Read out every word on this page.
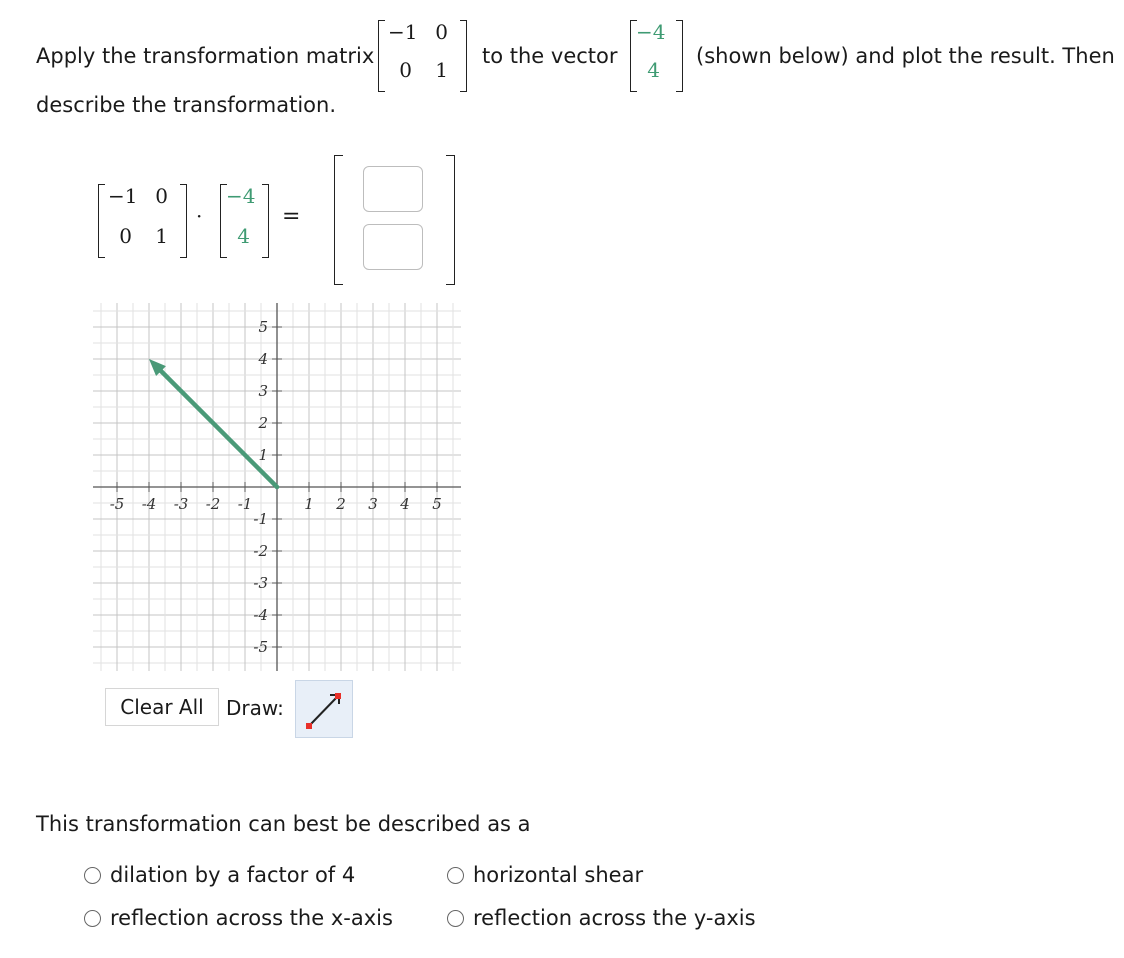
Apply the transformation matrix
−1 0
0	1
to the vector
−4
4
(shown below) and plot the result. Then
describe the transformation.
−1 0
0	1
·
−4
4
=
-5 -4 -3 -2 -1	1 2 3 4 5
5
4
3
2
1
-1
-2
-3
-4
-5
Clear All	Draw:
This transformation can best be described as a
dilation by a factor of 4	horizontal shear
reflection across the x-axis	reflection across the y-axis
